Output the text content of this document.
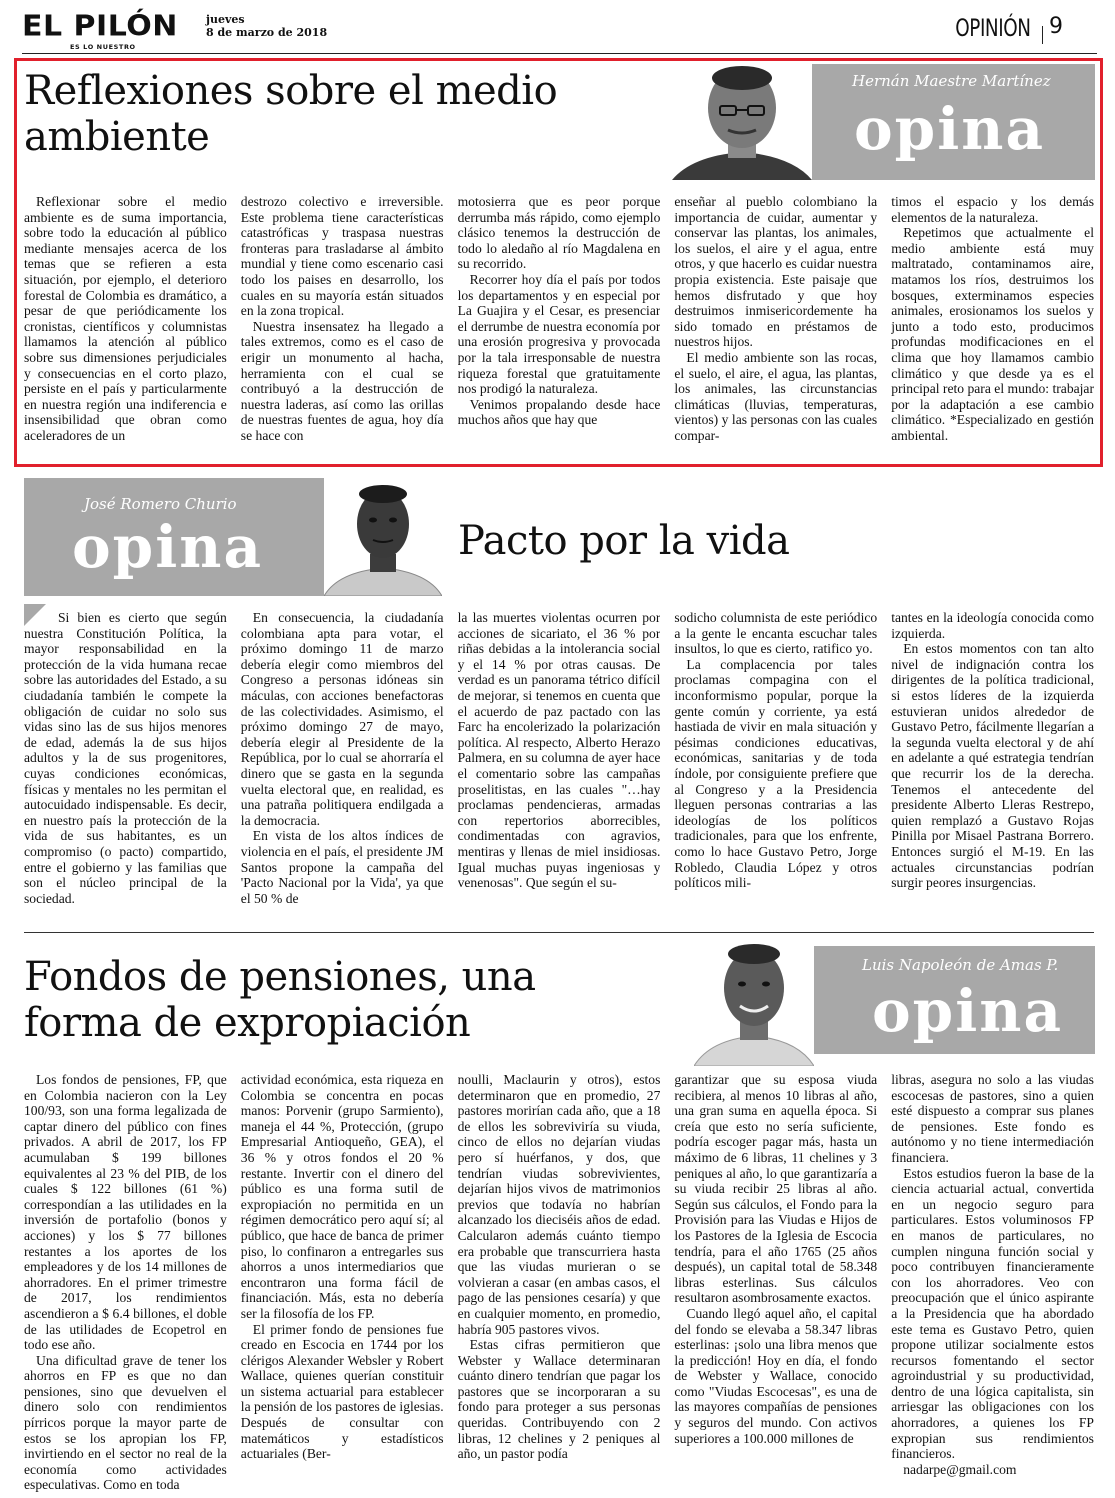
EL PILÓN
ES LO NUESTRO
jueves
8 de marzo de 2018	OPINIÓN 9
Reflexiones sobre el medio
ambiente
Hernán Maestre Martínez
opina

Reflexionar sobre el medio ambiente es de suma importancia, sobre todo la educación al público mediante mensajes acerca de los temas que se refieren a esta situación, por ejemplo, el deterioro forestal de Colombia es dramático, a pesar de que periódicamente los cronistas, científicos y columnistas llamamos la atención al público sobre sus dimensiones perjudiciales y consecuencias en el corto plazo, persiste en el país y particularmente en nuestra región una indiferencia e insensibilidad que obran como aceleradores de un

destrozo colectivo e irreversible. Este problema tiene características catastróficas y traspasa nuestras fronteras para trasladarse al ámbito mundial y tiene como escenario casi todo los paises en desarrollo, los cuales en su mayoría están situados en la zona tropical.

Nuestra insensatez ha llegado a tales extremos, como es el caso de erigir un monumento al hacha, herramienta con el cual se contribuyó a la destrucción de nuestra laderas, así como las orillas de nuestras fuentes de agua, hoy día se hace con

motosierra que es peor porque derrumba más rápido, como ejemplo clásico tenemos la destrucción de todo lo aledaño al río Magdalena en su recorrido.

Recorrer hoy día el país por todos los departamentos y en especial por La Guajira y el Cesar, es presenciar el derrumbe de nuestra economía por una erosión progresiva y provocada por la tala irresponsable de nuestra riqueza forestal que gratuitamente nos prodigó la naturaleza.

Venimos propalando desde hace muchos años que hay que

enseñar al pueblo colombiano la importancia de cuidar, aumentar y conservar las plantas, los animales, los suelos, el aire y el agua, entre otros, y que hacerlo es cuidar nuestra propia existencia. Este paisaje que hemos disfrutado y que hoy destruimos inmisericordemente ha sido tomado en préstamos de nuestros hijos.

El medio ambiente son las rocas, el suelo, el aire, el agua, las plantas, los animales, las circunstancias climáticas (lluvias, temperaturas, vientos) y las personas con las cuales compar-

timos el espacio y los demás elementos de la naturaleza.

Repetimos que actualmente el medio ambiente está muy maltratado, contaminamos aire, matamos los ríos, destruimos los bosques, exterminamos especies animales, erosionamos los suelos y junto a todo esto, producimos profundas modificaciones en el clima que hoy llamamos cambio climático y que desde ya es el principal reto para el mundo: trabajar por la adaptación a ese cambio climático. *Especializado en gestión ambiental.

José Romero Churio
opina	Pacto por la vida

Si bien es cierto que según nuestra Constitución Política, la mayor responsabilidad en la protección de la vida humana recae sobre las autoridades del Estado, a su ciudadanía también le compete la obligación de cuidar no solo sus vidas sino las de sus hijos menores de edad, además la de sus hijos adultos y la de sus progenitores, cuyas condiciones económicas, físicas y mentales no les permitan el autocuidado indispensable. Es decir, en nuestro país la protección de la vida de sus habitantes, es un compromiso (o pacto) compartido, entre el gobierno y las familias que son el núcleo principal de la sociedad.

En consecuencia, la ciudadanía colombiana apta para votar, el próximo domingo 11 de marzo debería elegir como miembros del Congreso a personas idóneas sin máculas, con acciones benefactoras de las colectividades. Asimismo, el próximo domingo 27 de mayo, debería elegir al Presidente de la República, por lo cual se ahorraría el dinero que se gasta en la segunda vuelta electoral que, en realidad, es una patraña politiquera endilgada a la democracia.

En vista de los altos índices de violencia en el país, el presidente JM Santos propone la campaña del 'Pacto Nacional por la Vida', ya que el 50 % de

la las muertes violentas ocurren por acciones de sicariato, el 36 % por riñas debidas a la intolerancia social y el 14 % por otras causas. De verdad es un panorama tétrico difícil de mejorar, si tenemos en cuenta que el acuerdo de paz pactado con las Farc ha encolerizado la polarización política. Al respecto, Alberto Herazo Palmera, en su columna de ayer hace el comentario sobre las campañas proselitistas, en las cuales "…hay proclamas pendencieras, armadas con repertorios aborrecibles, condimentadas con agravios, mentiras y llenas de miel insidiosas. Igual muchas puyas ingeniosas y venenosas". Que según el su-

sodicho columnista de este periódico a la gente le encanta escuchar tales insultos, lo que es cierto, ratifico yo.

La complacencia por tales proclamas compagina con el inconformismo popular, porque la gente común y corriente, ya está hastiada de vivir en mala situación y pésimas condiciones educativas, económicas, sanitarias y de toda índole, por consiguiente prefiere que al Congreso y a la Presidencia lleguen personas contrarias a las ideologías de los políticos tradicionales, para que los enfrente, como lo hace Gustavo Petro, Jorge Robledo, Claudia López y otros políticos mili-

tantes en la ideología conocida como izquierda.

En estos momentos con tan alto nivel de indignación contra los dirigentes de la política tradicional, si estos líderes de la izquierda estuvieran unidos alrededor de Gustavo Petro, fácilmente llegarían a la segunda vuelta electoral y de ahí en adelante a qué estrategia tendrían que recurrir los de la derecha. Tenemos el antecedente del presidente Alberto Lleras Restrepo, quien remplazó a Gustavo Rojas Pinilla por Misael Pastrana Borrero. Entonces surgió el M-19. En las actuales circunstancias podrían surgir peores insurgencias.

Fondos de pensiones, una
forma de expropiación
Luis Napoleón de Amas P.
opina

Los fondos de pensiones, FP, que en Colombia nacieron con la Ley 100/93, son una forma legalizada de captar dinero del público con fines privados. A abril de 2017, los FP acumulaban $ 199 billones equivalentes al 23 % del PIB, de los cuales $ 122 billones (61 %) correspondían a las utilidades en la inversión de portafolio (bonos y acciones) y los $ 77 billones restantes a los aportes de los empleadores y de los 14 millones de ahorradores. En el primer trimestre de 2017, los rendimientos ascendieron a $ 6.4 billones, el doble de las utilidades de Ecopetrol en todo ese año.

Una dificultad grave de tener los ahorros en FP es que no dan pensiones, sino que devuelven el dinero solo con rendimientos pírricos porque la mayor parte de estos se los apropian los FP, invirtiendo en el sector no real de la economía como actividades especulativas. Como en toda

actividad económica, esta riqueza en Colombia se concentra en pocas manos: Porvenir (grupo Sarmiento), maneja el 44 %, Protección, (grupo Empresarial Antioqueño, GEA), el 36 % y otros fondos el 20 % restante. Invertir con el dinero del público es una forma sutil de expropiación no permitida en un régimen democrático pero aquí sí; al público, que hace de banca de primer piso, lo confinaron a entregarles sus ahorros a unos intermediarios que encontraron una forma fácil de financiación. Más, esta no debería ser la filosofía de los FP.

El primer fondo de pensiones fue creado en Escocia en 1744 por los clérigos Alexander Websler y Robert Wallace, quienes querían constituir un sistema actuarial para establecer la pensión de los pastores de iglesias. Después de consultar con matemáticos y estadísticos actuariales (Ber-

noulli, Maclaurin y otros), estos determinaron que en promedio, 27 pastores morirían cada año, que a 18 de ellos les sobreviviría su viuda, cinco de ellos no dejarían viudas pero sí huérfanos, y dos, que tendrían viudas sobrevivientes, dejarían hijos vivos de matrimonios previos que todavía no habrían alcanzado los dieciséis años de edad. Calcularon además cuánto tiempo era probable que transcurriera hasta que las viudas murieran o se volvieran a casar (en ambas casos, el pago de las pensiones cesaría) y que en cualquier momento, en promedio, habría 905 pastores vivos.

Estas cifras permitieron que Webster y Wallace determinaran cuánto dinero tendrían que pagar los pastores que se incorporaran a su fondo para proteger a sus personas queridas. Contribuyendo con 2 libras, 12 chelines y 2 peniques al año, un pastor podía

garantizar que su esposa viuda recibiera, al menos 10 libras al año, una gran suma en aquella época. Si creía que esto no sería suficiente, podría escoger pagar más, hasta un máximo de 6 libras, 11 chelines y 3 peniques al año, lo que garantizaría a su viuda recibir 25 libras al año. Según sus cálculos, el Fondo para la Provisión para las Viudas e Hijos de los Pastores de la Iglesia de Escocia tendría, para el año 1765 (25 años después), un capital total de 58.348 libras esterlinas. Sus cálculos resultaron asombrosamente exactos.

Cuando llegó aquel año, el capital del fondo se elevaba a 58.347 libras esterlinas: ¡solo una libra menos que la predicción! Hoy en día, el fondo de Webster y Wallace, conocido como "Viudas Escocesas", es una de las mayores compañías de pensiones y seguros del mundo. Con activos superiores a 100.000 millones de

libras, asegura no solo a las viudas escocesas de pastores, sino a quien esté dispuesto a comprar sus planes de pensiones. Este fondo es autónomo y no tiene intermediación financiera.

Estos estudios fueron la base de la ciencia actuarial actual, convertida en un negocio seguro para particulares. Estos voluminosos FP en manos de particulares, no cumplen ninguna función social y poco contribuyen financieramente con los ahorradores. Veo con preocupación que el único aspirante a la Presidencia que ha abordado este tema es Gustavo Petro, quien propone utilizar socialmente estos recursos fomentando el sector agroindustrial y su productividad, dentro de una lógica capitalista, sin arriesgar las obligaciones con los ahorradores, a quienes los FP expropian sus rendimientos financieros.

nadarpe@gmail.com
